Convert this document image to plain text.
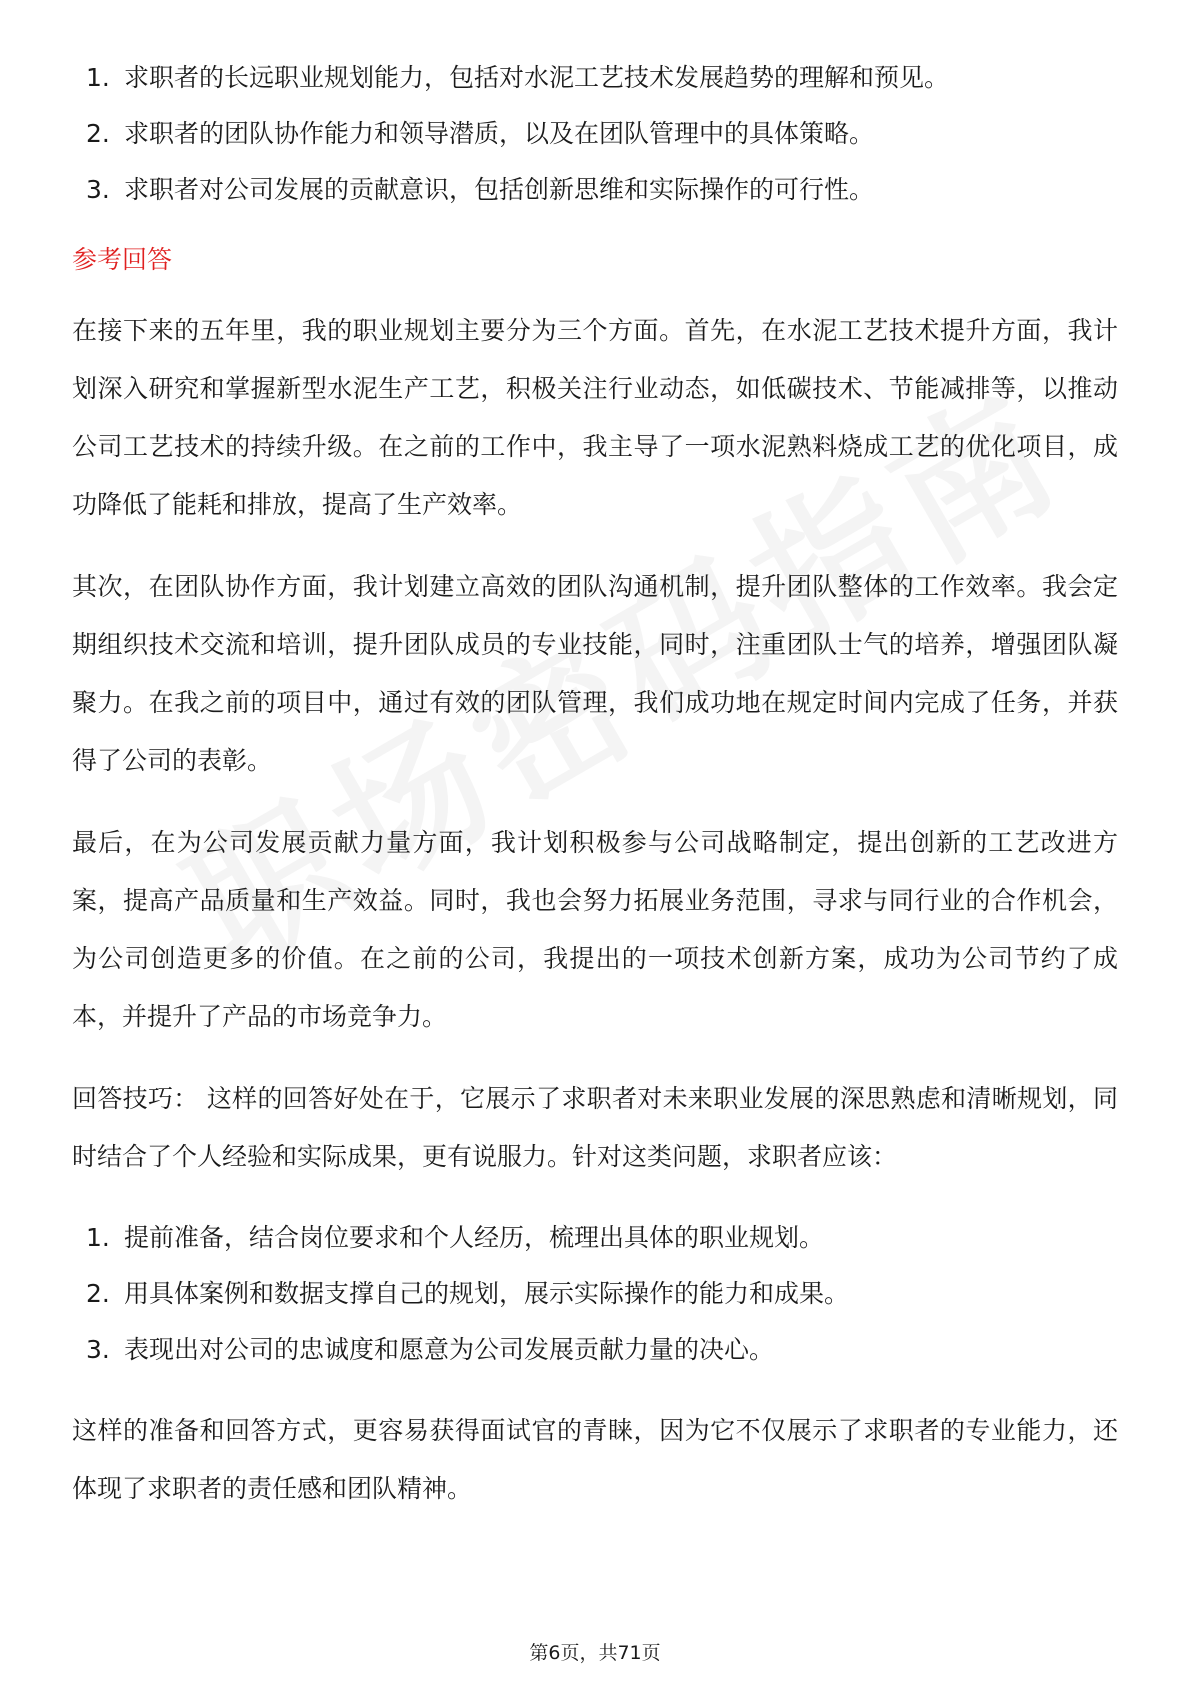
1. 求职者的长远职业规划能力，包括对水泥工艺技术发展趋势的理解和预见。
2. 求职者的团队协作能力和领导潜质，以及在团队管理中的具体策略。
3. 求职者对公司发展的贡献意识，包括创新思维和实际操作的可行性。
参考回答

在接下来的五年里，我的职业规划主要分为三个方面。首先，在水泥工艺技术提升方面，我计划深入研究和掌握新型水泥生产工艺，积极关注行业动态，如低碳技术、节能减排等，以推动公司工艺技术的持续升级。在之前的工作中，我主导了一项水泥熟料烧成工艺的优化项目，成功降低了能耗和排放，提高了生产效率。

其次，在团队协作方面，我计划建立高效的团队沟通机制，提升团队整体的工作效率。我会定期组织技术交流和培训，提升团队成员的专业技能，同时，注重团队士气的培养，增强团队凝聚力。在我之前的项目中，通过有效的团队管理，我们成功地在规定时间内完成了任务，并获得了公司的表彰。

最后，在为公司发展贡献力量方面，我计划积极参与公司战略制定，提出创新的工艺改进方案，提高产品质量和生产效益。同时，我也会努力拓展业务范围，寻求与同行业的合作机会，为公司创造更多的价值。在之前的公司，我提出的一项技术创新方案，成功为公司节约了成本，并提升了产品的市场竞争力。

回答技巧： 这样的回答好处在于，它展示了求职者对未来职业发展的深思熟虑和清晰规划，同时结合了个人经验和实际成果，更有说服力。针对这类问题，求职者应该：

1. 提前准备，结合岗位要求和个人经历，梳理出具体的职业规划。
2. 用具体案例和数据支撑自己的规划，展示实际操作的能力和成果。
3. 表现出对公司的忠诚度和愿意为公司发展贡献力量的决心。

这样的准备和回答方式，更容易获得面试官的青睐，因为它不仅展示了求职者的专业能力，还体现了求职者的责任感和团队精神。

第6页，共71页
